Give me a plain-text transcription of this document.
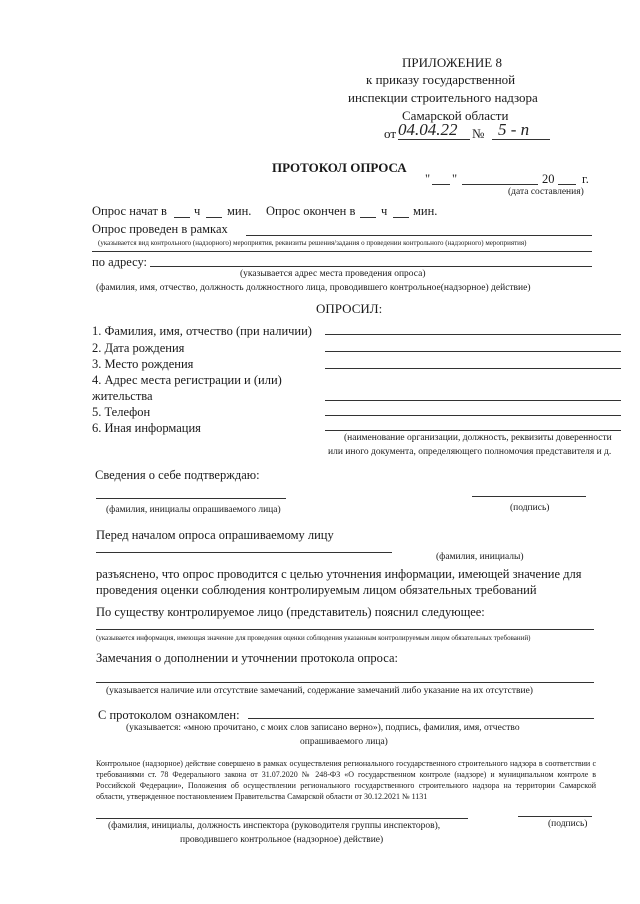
ПРИЛОЖЕНИЕ 8
к приказу государственной
инспекции строительного надзора
Самарской области
от 04.04.22 № 5 - п
ПРОТОКОЛ ОПРОСА
" "	20 г.
(дата составления)
Опрос начат в ч мин. Опрос окончен в ч мин.
Опрос проведен в рамках
(указывается вид контрольного (надзорного) мероприятия, реквизиты решения/задания о проведении контрольного (надзорного) мероприятия)
по адресу:
(указывается адрес места проведения опроса)
(фамилия, имя, отчество, должность должностного лица, проводившего контрольное(надзорное) действие)
ОПРОСИЛ:
1. Фамилия, имя, отчество (при наличии)
2. Дата рождения
3. Место рождения
4. Адрес места регистрации и (или)
жительства
5. Телефон
6. Иная информация
(наименование организации, должность, реквизиты доверенности
или иного документа, определяющего полномочия представителя и д.
Сведения о себе подтверждаю:
(фамилия, инициалы опрашиваемого лица)	(подпись)
Перед началом опроса опрашиваемому лицу
(фамилия, инициалы)
разъяснено, что опрос проводится с целью уточнения информации, имеющей значение для
проведения оценки соблюдения контролируемым лицом обязательных требований
По существу контролируемое лицо (представитель) пояснил следующее:
(указывается информация, имеющая значение для проведения оценки соблюдения указанным контролируемым лицом обязательных требований)
Замечания о дополнении и уточнении протокола опроса:
(указывается наличие или отсутствие замечаний, содержание замечаний либо указание на их отсутствие)
С протоколом ознакомлен:
(указывается: «мною прочитано, с моих слов записано верно»), подпись, фамилия, имя, отчество
опрашиваемого лица)
Контрольное (надзорное) действие совершено в рамках осуществления регионального государственного строительного надзора в соответствии с требованиями ст. 78 Федерального закона от 31.07.2020 № 248-ФЗ «О государственном контроле (надзоре) и муниципальном контроле в Российской Федерации», Положения об осуществлении регионального государственного строительного надзора на территории Самарской области, утвержденное постановлением Правительства Самарской области от 30.12.2021 № 1131
(фамилия, инициалы, должность инспектора (руководителя группы инспекторов),	(подпись)
проводившего контрольное (надзорное) действие)
